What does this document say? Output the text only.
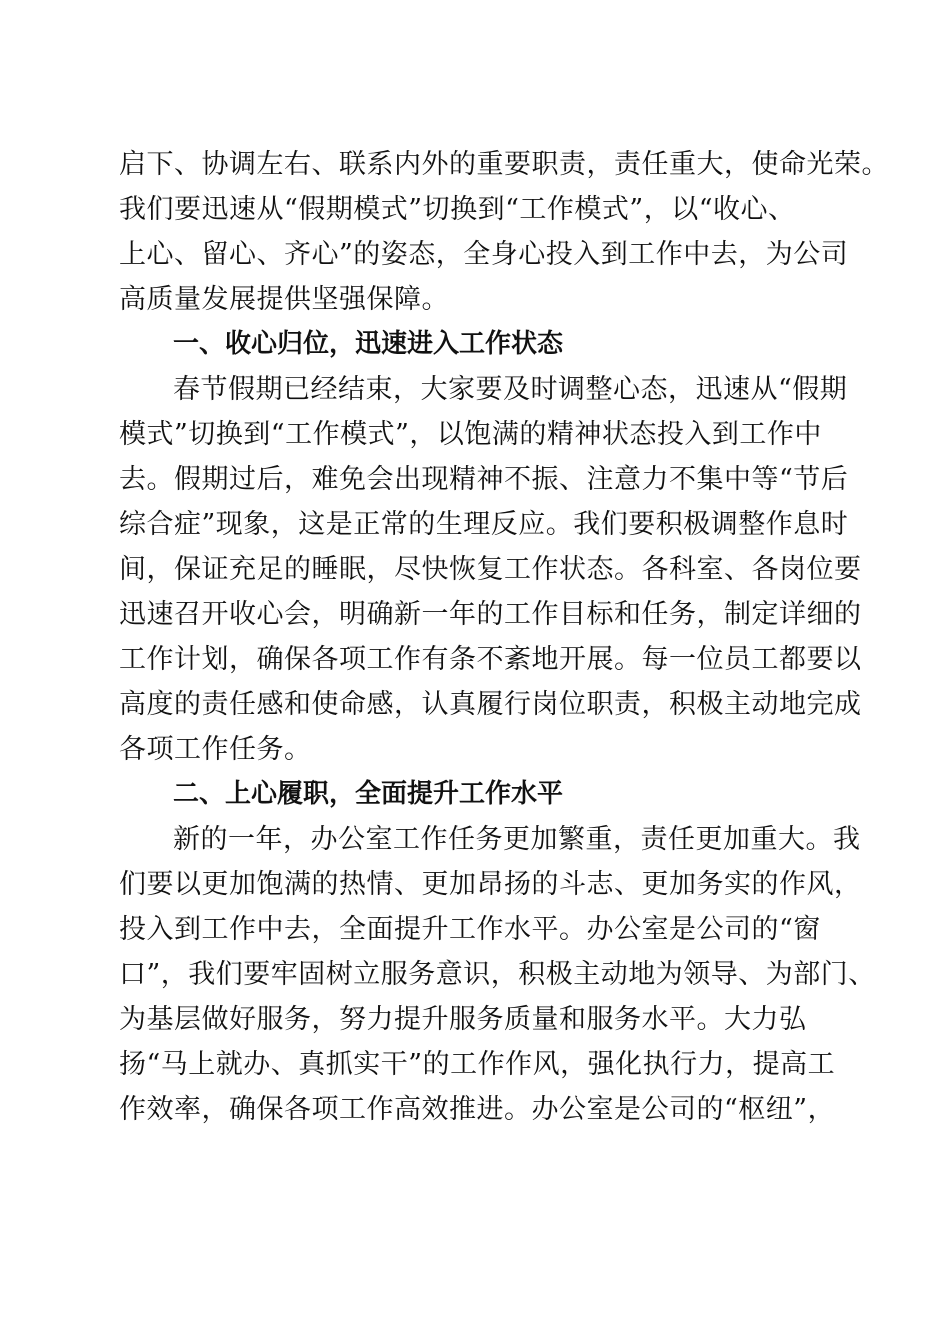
启下、协调左右、联系内外的重要职责，责任重大，使命光荣。
我们要迅速从“假期模式”切换到“工作模式”，以“收心、
上心、留心、齐心”的姿态，全身心投入到工作中去，为公司
高质量发展提供坚强保障。
一、收心归位，迅速进入工作状态
春节假期已经结束，大家要及时调整心态，迅速从“假期
模式”切换到“工作模式”，以饱满的精神状态投入到工作中
去。假期过后，难免会出现精神不振、注意力不集中等“节后
综合症”现象，这是正常的生理反应。我们要积极调整作息时
间，保证充足的睡眠，尽快恢复工作状态。各科室、各岗位要
迅速召开收心会，明确新一年的工作目标和任务，制定详细的
工作计划，确保各项工作有条不紊地开展。每一位员工都要以
高度的责任感和使命感，认真履行岗位职责，积极主动地完成
各项工作任务。
二、上心履职，全面提升工作水平
新的一年，办公室工作任务更加繁重，责任更加重大。我
们要以更加饱满的热情、更加昂扬的斗志、更加务实的作风，
投入到工作中去，全面提升工作水平。办公室是公司的“窗
口”，我们要牢固树立服务意识，积极主动地为领导、为部门、
为基层做好服务，努力提升服务质量和服务水平。大力弘
扬“马上就办、真抓实干”的工作作风，强化执行力，提高工
作效率，确保各项工作高效推进。办公室是公司的“枢纽”，
